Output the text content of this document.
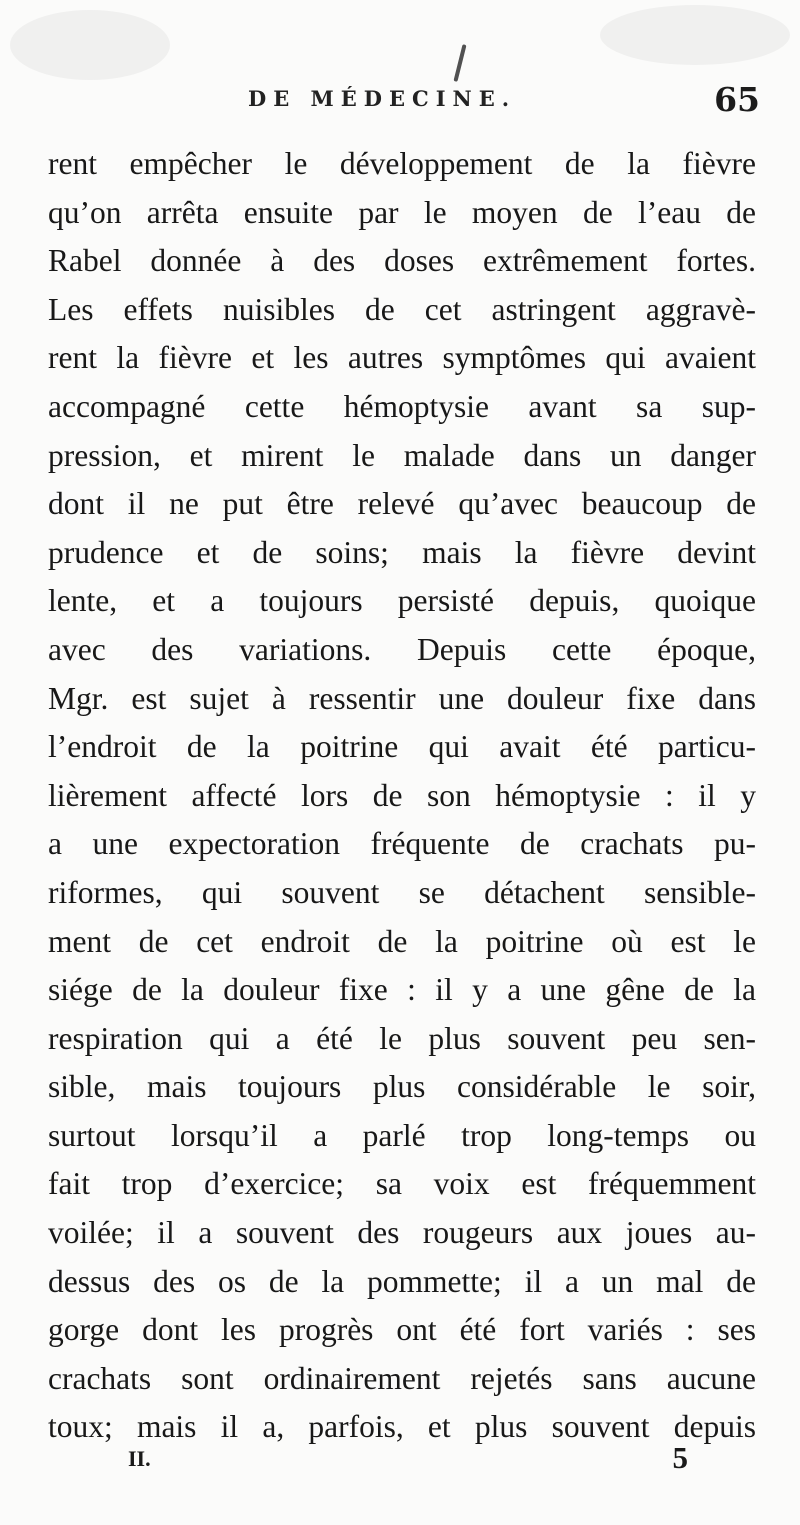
DE MÉDECINE.	65
rent empêcher le développement de la fièvre
qu’on arrêta ensuite par le moyen de l’eau de
Rabel donnée à des doses extrêmement fortes.
Les effets nuisibles de cet astringent aggravè-
rent la fièvre et les autres symptômes qui avaient
accompagné cette hémoptysie avant sa sup-
pression, et mirent le malade dans un danger
dont il ne put être relevé qu’avec beaucoup de
prudence et de soins; mais la fièvre devint
lente, et a toujours persisté depuis, quoique
avec des variations. Depuis cette époque,
Mgr. est sujet à ressentir une douleur fixe dans
l’endroit de la poitrine qui avait été particu-
lièrement affecté lors de son hémoptysie : il y
a une expectoration fréquente de crachats pu-
riformes, qui souvent se détachent sensible-
ment de cet endroit de la poitrine où est le
siége de la douleur fixe : il y a une gêne de la
respiration qui a été le plus souvent peu sen-
sible, mais toujours plus considérable le soir,
surtout lorsqu’il a parlé trop long-temps ou
fait trop d’exercice; sa voix est fréquemment
voilée; il a souvent des rougeurs aux joues au-
dessus des os de la pommette; il a un mal de
gorge dont les progrès ont été fort variés : ses
crachats sont ordinairement rejetés sans aucune
toux; mais il a, parfois, et plus souvent depuis
II.	5
